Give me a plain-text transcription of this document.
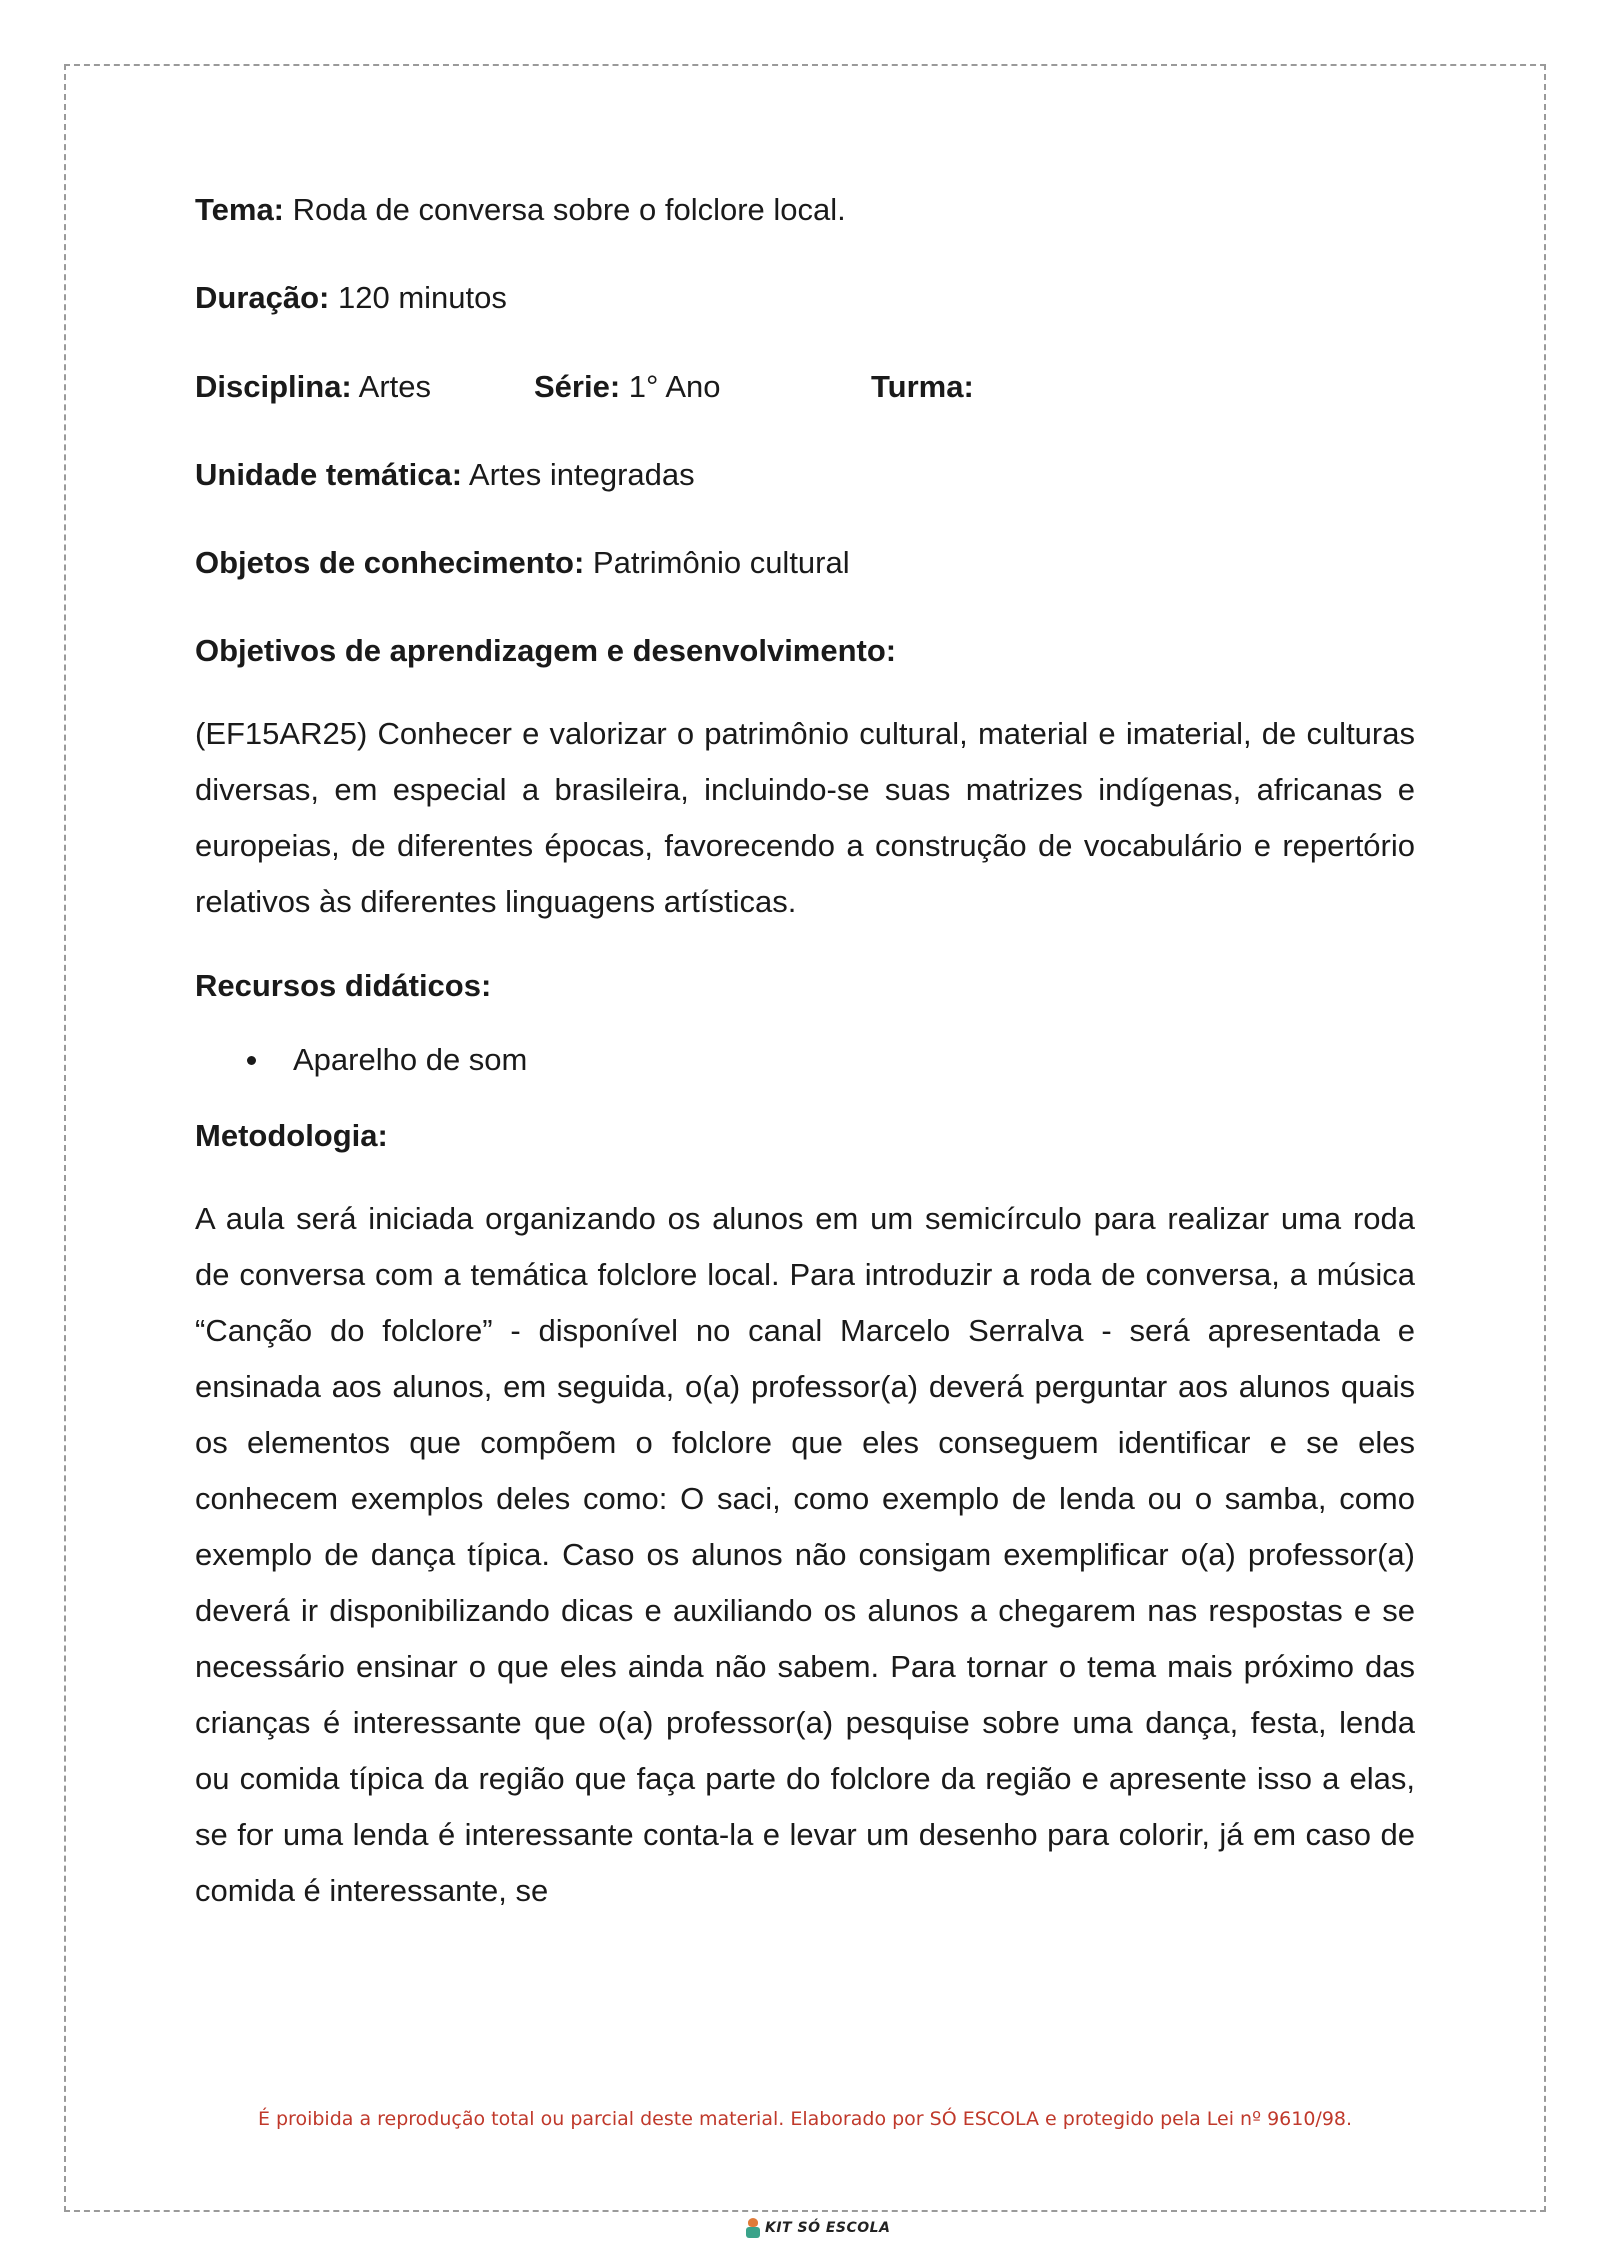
Tema: Roda de conversa sobre o folclore local.
Duração: 120 minutos
Disciplina: Artes	Série: 1° Ano	Turma:
Unidade temática: Artes integradas
Objetos de conhecimento: Patrimônio cultural
Objetivos de aprendizagem e desenvolvimento:

(EF15AR25) Conhecer e valorizar o patrimônio cultural, material e imaterial, de culturas diversas, em especial a brasileira, incluindo-se suas matrizes indígenas, africanas e europeias, de diferentes épocas, favorecendo a construção de vocabulário e repertório relativos às diferentes linguagens artísticas.

Recursos didáticos:
Aparelho de som
Metodologia:

A aula será iniciada organizando os alunos em um semicírculo para realizar uma roda de conversa com a temática folclore local. Para introduzir a roda de conversa, a música “Canção do folclore” - disponível no canal Marcelo Serralva - será apresentada e ensinada aos alunos, em seguida, o(a) professor(a) deverá perguntar aos alunos quais os elementos que compõem o folclore que eles conseguem identificar e se eles conhecem exemplos deles como: O saci, como exemplo de lenda ou o samba, como exemplo de dança típica. Caso os alunos não consigam exemplificar o(a) professor(a) deverá ir disponibilizando dicas e auxiliando os alunos a chegarem nas respostas e se necessário ensinar o que eles ainda não sabem. Para tornar o tema mais próximo das crianças é interessante que o(a) professor(a) pesquise sobre uma dança, festa, lenda ou comida típica da região que faça parte do folclore da região e apresente isso a elas, se for uma lenda é interessante conta-la e levar um desenho para colorir, já em caso de comida é interessante, se

É proibida a reprodução total ou parcial deste material. Elaborado por SÓ ESCOLA e protegido pela Lei nº 9610/98.
KIT SÓ ESCOLA
